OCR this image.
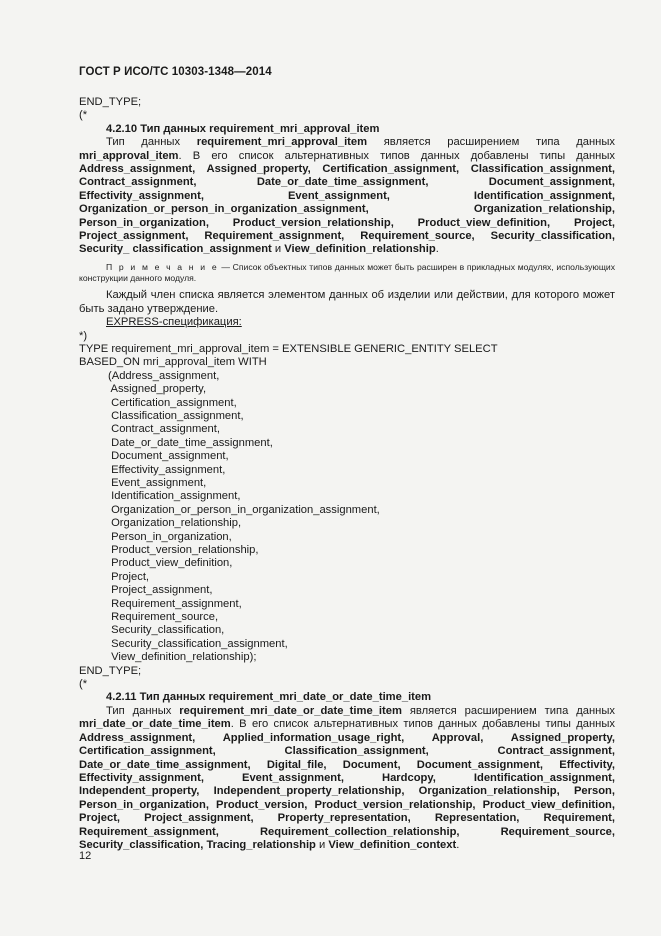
ГОСТ Р ИСО/ТС 10303-1348—2014

END_TYPE;

(*

4.2.10 Тип данных requirement_mri_approval_item

Тип данных requirement_mri_approval_item является расширением типа данных mri_approval_item. В его список альтернативных типов данных добавлены типы данных Address_assignment, Assigned_property, Certification_assignment, Classification_assignment, Contract_assignment, Date_or_date_time_assignment, Document_assignment, Effectivity_assignment, Event_assignment, Identification_assignment, Organization_or_person_in_organization_assignment, Organization_relationship, Person_in_organization, Product_version_relationship, Product_view_definition, Project, Project_assignment, Requirement_assignment, Requirement_source, Security_classification, Security_ classification_assignment и View_definition_relationship.

П р и м е ч а н и е — Список объектных типов данных может быть расширен в прикладных модулях, использующих конструкции данного модуля.

Каждый член списка является элементом данных об изделии или действии, для которого может быть задано утверждение.

EXPRESS-спецификация:

*)

TYPE requirement_mri_approval_item = EXTENSIBLE GENERIC_ENTITY SELECT

BASED_ON mri_approval_item WITH

(Address_assignment,

Assigned_property,

Certification_assignment,

Classification_assignment,

Contract_assignment,

Date_or_date_time_assignment,

Document_assignment,

Effectivity_assignment,

Event_assignment,

Identification_assignment,

Organization_or_person_in_organization_assignment,

Organization_relationship,

Person_in_organization,

Product_version_relationship,

Product_view_definition,

Project,

Project_assignment,

Requirement_assignment,

Requirement_source,

Security_classification,

Security_classification_assignment,

View_definition_relationship);

END_TYPE;

(*

4.2.11 Тип данных requirement_mri_date_or_date_time_item

Тип данных requirement_mri_date_or_date_time_item является расширением типа данных mri_date_or_date_time_item. В его список альтернативных типов данных добавлены типы данных Address_assignment, Applied_information_usage_right, Approval, Assigned_property, Certification_assignment, Classification_assignment, Contract_assignment, Date_or_date_time_assignment, Digital_file, Document, Document_assignment, Effectivity, Effectivity_assignment, Event_assignment, Hardcopy, Identification_assignment, Independent_property, Independent_property_relationship, Organization_relationship, Person, Person_in_organization, Product_version, Product_version_relationship, Product_view_definition, Project, Project_assignment, Property_representation, Representation, Requirement, Requirement_assignment, Requirement_collection_relationship, Requirement_source, Security_classification, Tracing_relationship и View_definition_context.

12
